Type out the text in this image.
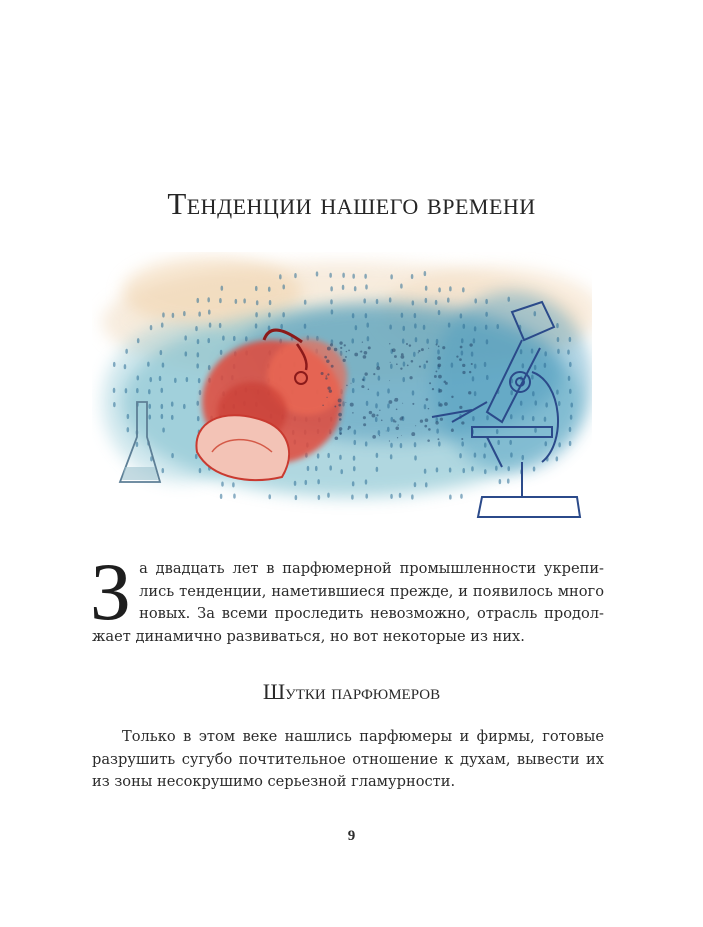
Тенденции нашего времени

З а двадцать лет в парфюмерной промышленности укрепи-
лись тенденции, наметившиеся прежде, и появилось много
новых. За всеми проследить невозможно, отрасль продол-
жает динамично развиваться, но вот некоторые из них.

Шутки парфюмеров

Только в этом веке нашлись парфюмеры и фирмы, готовые
разрушить сугубо почтительное отношение к духам, вывести их
из зоны несокрушимо серьезной гламурности.

9
